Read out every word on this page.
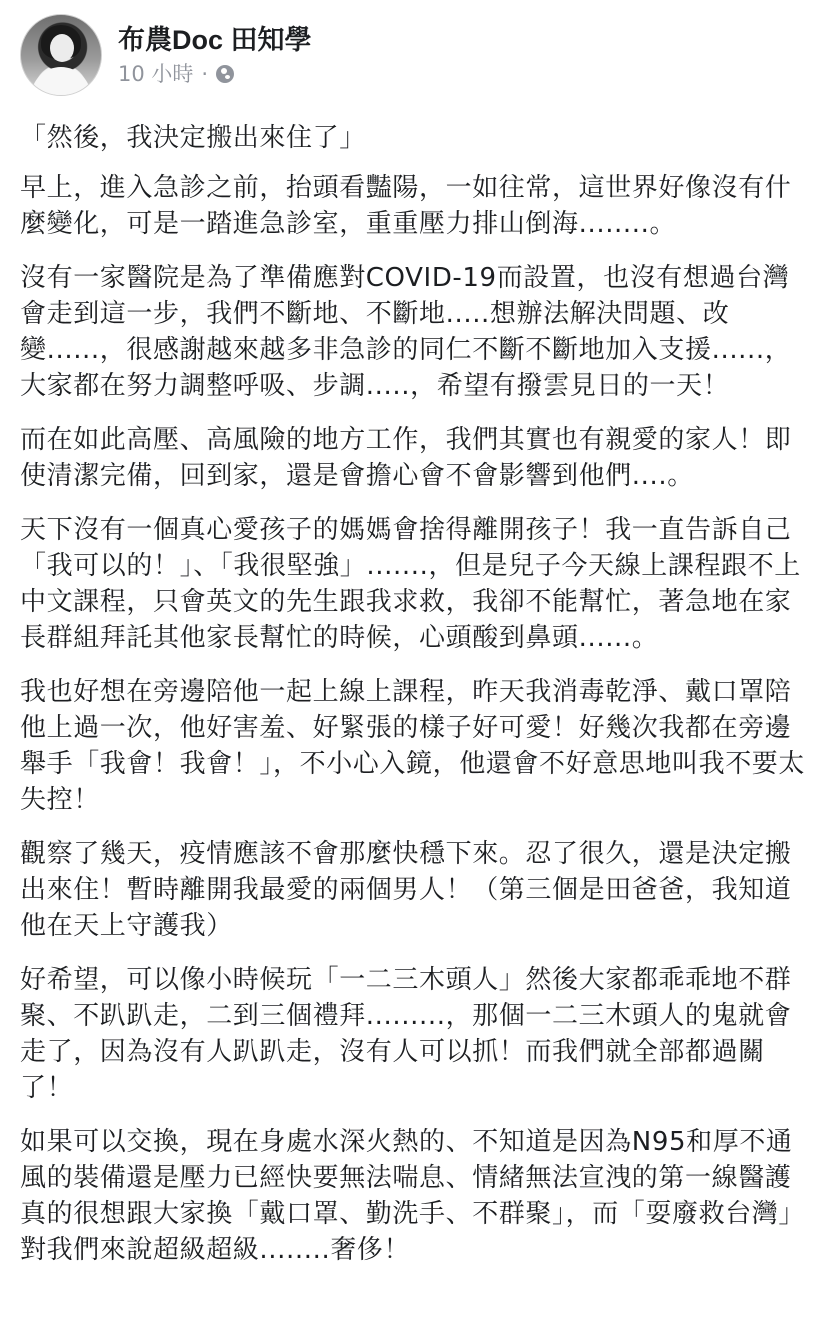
布農Doc 田知學
10 小時 ·

「然後，我決定搬出來住了」

早上，進入急診之前，抬頭看豔陽，一如往常，這世界好像沒有什麼變化，可是一踏進急診室，重重壓力排山倒海........。

沒有一家醫院是為了準備應對COVID-19而設置，也沒有想過台灣會走到這一步，我們不斷地、不斷地.....想辦法解決問題、改變......，很感謝越來越多非急診的同仁不斷不斷地加入支援......，大家都在努力調整呼吸、步調.....，希望有撥雲見日的一天！

而在如此高壓、高風險的地方工作，我們其實也有親愛的家人！即使清潔完備，回到家，還是會擔心會不會影響到他們....。

天下沒有一個真心愛孩子的媽媽會捨得離開孩子！我一直告訴自己「我可以的！」、「我很堅強」.......，但是兒子今天線上課程跟不上中文課程，只會英文的先生跟我求救，我卻不能幫忙，著急地在家長群組拜託其他家長幫忙的時候，心頭酸到鼻頭......。

我也好想在旁邊陪他一起上線上課程，昨天我消毒乾淨、戴口罩陪他上過一次，他好害羞、好緊張的樣子好可愛！好幾次我都在旁邊舉手「我會！我會！」，不小心入鏡，他還會不好意思地叫我不要太失控！

觀察了幾天，疫情應該不會那麼快穩下來。忍了很久，還是決定搬出來住！暫時離開我最愛的兩個男人！（第三個是田爸爸，我知道他在天上守護我）

好希望，可以像小時候玩「一二三木頭人」然後大家都乖乖地不群聚、不趴趴走，二到三個禮拜.........，那個一二三木頭人的鬼就會走了，因為沒有人趴趴走，沒有人可以抓！而我們就全部都過關了！

如果可以交換，現在身處水深火熱的、不知道是因為N95和厚不通風的裝備還是壓力已經快要無法喘息、情緒無法宣洩的第一線醫護真的很想跟大家換「戴口罩、勤洗手、不群聚」，而「耍廢救台灣」對我們來說超級超級........奢侈！
